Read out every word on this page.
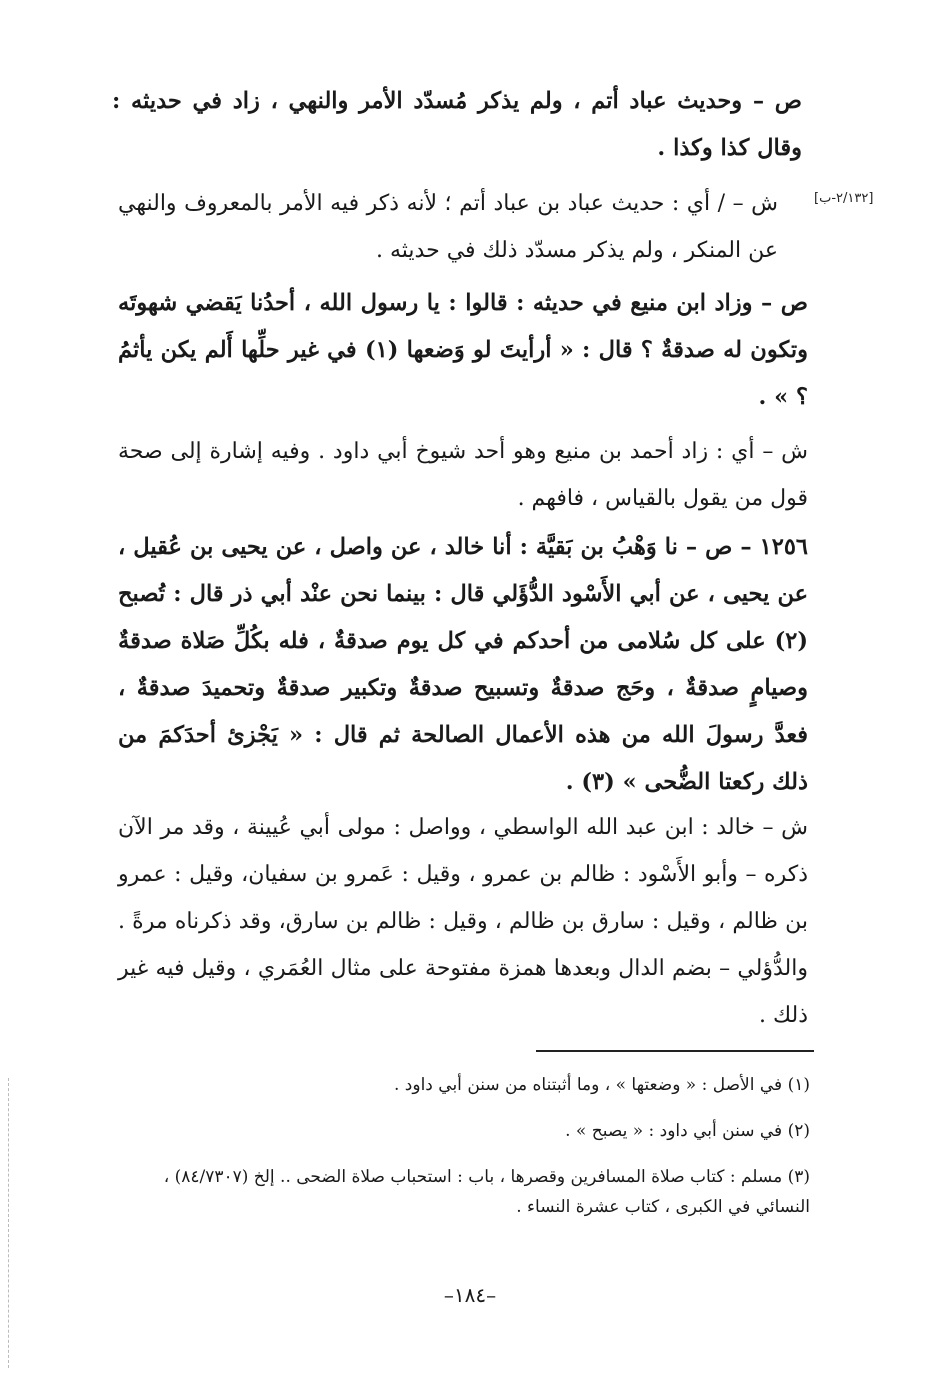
[٢/١٣٢-ب]

ص – وحديث عباد أتم ، ولم يذكر مُسدّد الأمر والنهي ، زاد في حديثه : وقال كذا وكذا .

ش – / أي : حديث عباد بن عباد أتم ؛ لأنه ذكر فيه الأمر بالمعروف والنهي عن المنكر ، ولم يذكر مسدّد ذلك في حديثه .

ص – وزاد ابن منيع في حديثه : قالوا : يا رسول الله ، أحدُنا يَقضي شهوتَه وتكون له صدقةٌ ؟ قال : « أرأيتَ لو وَضعها (١) في غير حلِّها أَلم يكن يأثمُ ؟ » .

ش – أي : زاد أحمد بن منيع وهو أحد شيوخ أبي داود . وفيه إشارة إلى صحة قول من يقول بالقياس ، فافهم .

١٢٥٦ – ص – نا وَهْبُ بن بَقيَّة : أنا خالد ، عن واصل ، عن يحيى بن عُقيل ، عن يحيى ، عن أبي الأَسْود الدُّؤَلي قال : بينما نحن عنْد أبي ذر قال : تُصبح (٢) على كل سُلامى من أحدكم في كل يوم صدقةٌ ، فله بكُلِّ صَلاة صدقةٌ وصيامٍ صدقةٌ ، وحَج صدقةٌ وتسبيح صدقةٌ وتكبير صدقةٌ وتحميدَ صدقةٌ ، فعدَّ رسولَ الله من هذه الأعمال الصالحة ثم قال : « يَجْزئ أحدَكمَ من ذلك ركعتا الضُّحى » (٣) .

ش – خالد : ابن عبد الله الواسطي ، وواصل : مولى أبي عُيينة ، وقد مر الآن ذكره – وأبو الأَسْود : ظالم بن عمرو ، وقيل : عَمرو بن سفيان، وقيل : عمرو بن ظالم ، وقيل : سارق بن ظالم ، وقيل : ظالم بن سارق، وقد ذكرناه مرةً . والدُّؤلي – بضم الدال وبعدها همزة مفتوحة على مثال العُمَري ، وقيل فيه غير ذلك .

(١) في الأصل : « وضعتها » ، وما أثبتناه من سنن أبي داود .

(٢) في سنن أبي داود : « يصبح » .

(٣) مسلم : كتاب صلاة المسافرين وقصرها ، باب : استحباب صلاة الضحى .. إلخ (٨٤/٧٣٠٧) ، النسائي في الكبرى ، كتاب عشرة النساء .

–١٨٤–
